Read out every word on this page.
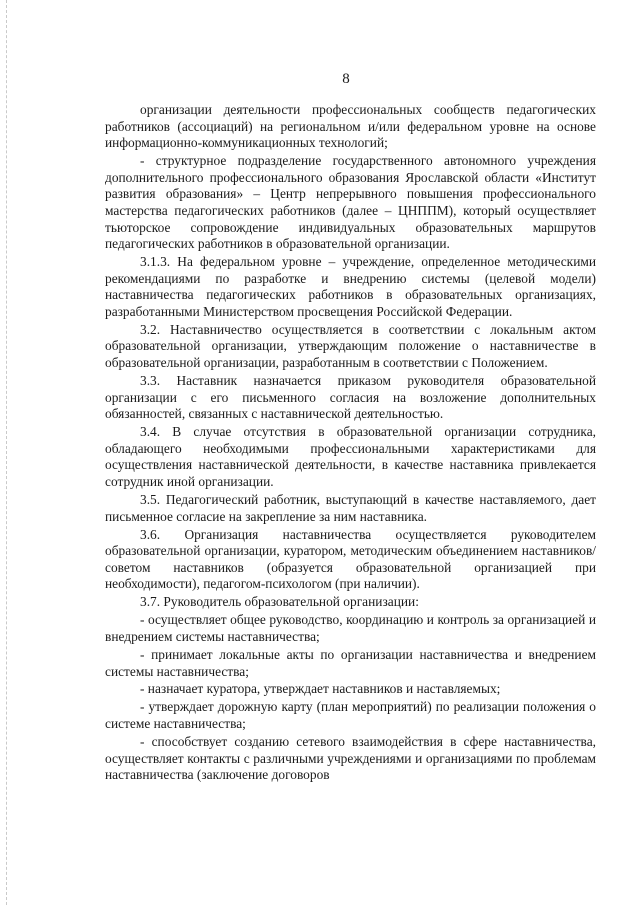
8

организации деятельности профессиональных сообществ педагогических работников (ассоциаций) на региональном и/или федеральном уровне на основе информационно-коммуникационных технологий;

- структурное подразделение государственного автономного учреждения дополнительного профессионального образования Ярославской области «Институт развития образования» – Центр непрерывного повышения профессионального мастерства педагогических работников (далее – ЦНППМ), который осуществляет тьюторское сопровождение индивидуальных образовательных маршрутов педагогических работников в образовательной организации.

3.1.3. На федеральном уровне – учреждение, определенное методическими рекомендациями по разработке и внедрению системы (целевой модели) наставничества педагогических работников в образовательных организациях, разработанными Министерством просвещения Российской Федерации.

3.2. Наставничество осуществляется в соответствии с локальным актом образовательной организации, утверждающим положение о наставничестве в образовательной организации, разработанным в соответствии с Положением.

3.3. Наставник назначается приказом руководителя образовательной организации с его письменного согласия на возложение дополнительных обязанностей, связанных с наставнической деятельностью.

3.4. В случае отсутствия в образовательной организации сотрудника, обладающего необходимыми профессиональными характеристиками для осуществления наставнической деятельности, в качестве наставника привлекается сотрудник иной организации.

3.5. Педагогический работник, выступающий в качестве наставляемого, дает письменное согласие на закрепление за ним наставника.

3.6. Организация наставничества осуществляется руководителем образовательной организации, куратором, методическим объединением наставников/ советом наставников (образуется образовательной организацией при необходимости), педагогом-психологом (при наличии).

3.7. Руководитель образовательной организации:

- осуществляет общее руководство, координацию и контроль за организацией и внедрением системы наставничества;

- принимает локальные акты по организации наставничества и внедрением системы наставничества;

- назначает куратора, утверждает наставников и наставляемых;

- утверждает дорожную карту (план мероприятий) по реализации положения о системе наставничества;

- способствует созданию сетевого взаимодействия в сфере наставничества, осуществляет контакты с различными учреждениями и организациями по проблемам наставничества (заключение договоров
